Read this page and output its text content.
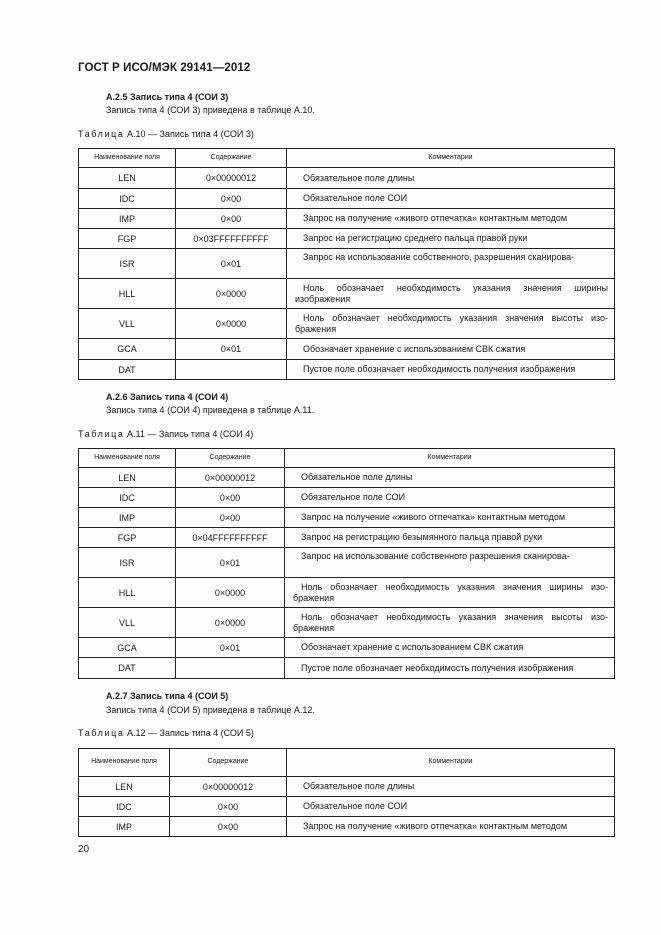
ГОСТ Р ИСО/МЭК 29141—2012
А.2.5 Запись типа 4 (СОИ 3)
Запись типа 4 (СОИ 3) приведена в таблице А.10.
Таблица А.10 — Запись типа 4 (СОИ 3)
Наименование поля	Содержание	Комментарии
LEN	0×00000012	Обязательное поле длины
IDC	0×00	Обязательное поле СОИ
IMP	0×00	Запрос на получение «живого отпечатка» контактным методом
FGP	0×03FFFFFFFFFF	Запрос на регистрацию среднего пальца правой руки
ISR	0×01	Запрос на использование собственного, разрешения сканирова-
HLL	0×0000	Ноль обозначает необходимость указания значения ширины изображения
VLL	0×0000	Ноль обозначает необходимость указания значения высоты изо-бражения
GCA	0×01	Обозначает хранение с использованием СВК сжатия
DAT		Пустое поле обозначает необходимость получения изображения
А.2.6 Запись типа 4 (СОИ 4)
Запись типа 4 (СОИ 4) приведена в таблице А.11.
Таблица А.11 — Запись типа 4 (СОИ 4)
Наименование поля	Содержание	Комментарии
LEN	0×00000012	Обязательное поле длины
IDC	0×00	Обязательное поле СОИ
IMP	0×00	Запрос на получение «живого отпечатка» контактным методом
FGP	0×04FFFFFFFFFF	Запрос на регистрацию безымянного пальца правой руки
ISR	0×01	Запрос на использование собственного разрешения сканирова-
HLL	0×0000	Ноль обозначает необходимость указания значения ширины изо-бражения
VLL	0×0000	Ноль обозначает необходимость указания значения высоты изо-бражения
GCA	0×01	Обозначает хранение с использованием СВК сжатия
DAT		Пустое поле обозначает необходимость получения изображения
А.2.7 Запись типа 4 (СОИ 5)
Запись типа 4 (СОИ 5) приведена в таблице А.12.
Таблица А.12 — Запись типа 4 (СОИ 5)
Наименование поля	Содержание	Комментарии
LEN	0×00000012	Обязательное поле длины
IDC	0×00	Обязательное поле СОИ
IMP	0×00	Запрос на получение «живого отпечатка» контактным методом
20
